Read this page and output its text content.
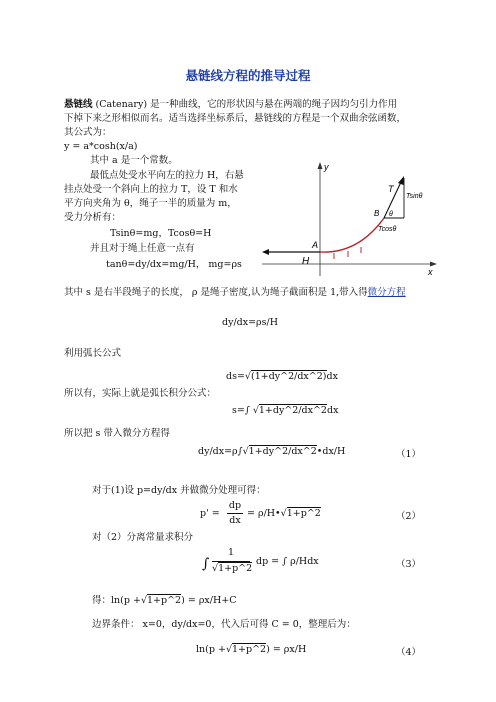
悬链线方程的推导过程
悬链线 (Catenary) 是一种曲线，它的形状因与悬在两端的绳子因均匀引力作用
下掉下来之形相似而名。适当选择坐标系后，悬链线的方程是一个双曲余弦函数，
其公式为：
y = a*cosh(x/a)
其中 a 是一个常数。
最低点处受水平向左的拉力 H，右悬
挂点处受一个斜向上的拉力 T，设 T 和水
平方向夹角为 θ，绳子一半的质量为 m，
受力分析有：
Tsinθ=mg，Tcosθ=H
并且对于绳上任意一点有
tanθ=dy/dx=mg/H， mg=ρs
y
x
H
A
T
Tsinθ
Tcosθ
B θ
其中 s 是右半段绳子的长度， ρ 是绳子密度,认为绳子截面积是 1,带入得微分方程
dy/dx=ρs/H
利用弧长公式
ds=√(1+dy^2/dx^2)dx
所以有，实际上就是弧长积分公式：
s=∫ √1+dy^2/dx^2dx
所以把 s 带入微分方程得
dy/dx=ρ∫√1+dy^2/dx^2•dx/H	（1）
对于(1)设 p=dy/dx 并做微分处理可得：
p' =
dp
dx
= ρ/H•√1+p^2	（2）
对（2）分离常量求积分
∫
1
√1+p^2
dp = ∫ ρ/Hdx	（3）
得：ln(p +√1+p^2) = ρx/H+C
边界条件： x=0，dy/dx=0，代入后可得 C = 0，整理后为：
ln(p +√1+p^2) = ρx/H	（4）
